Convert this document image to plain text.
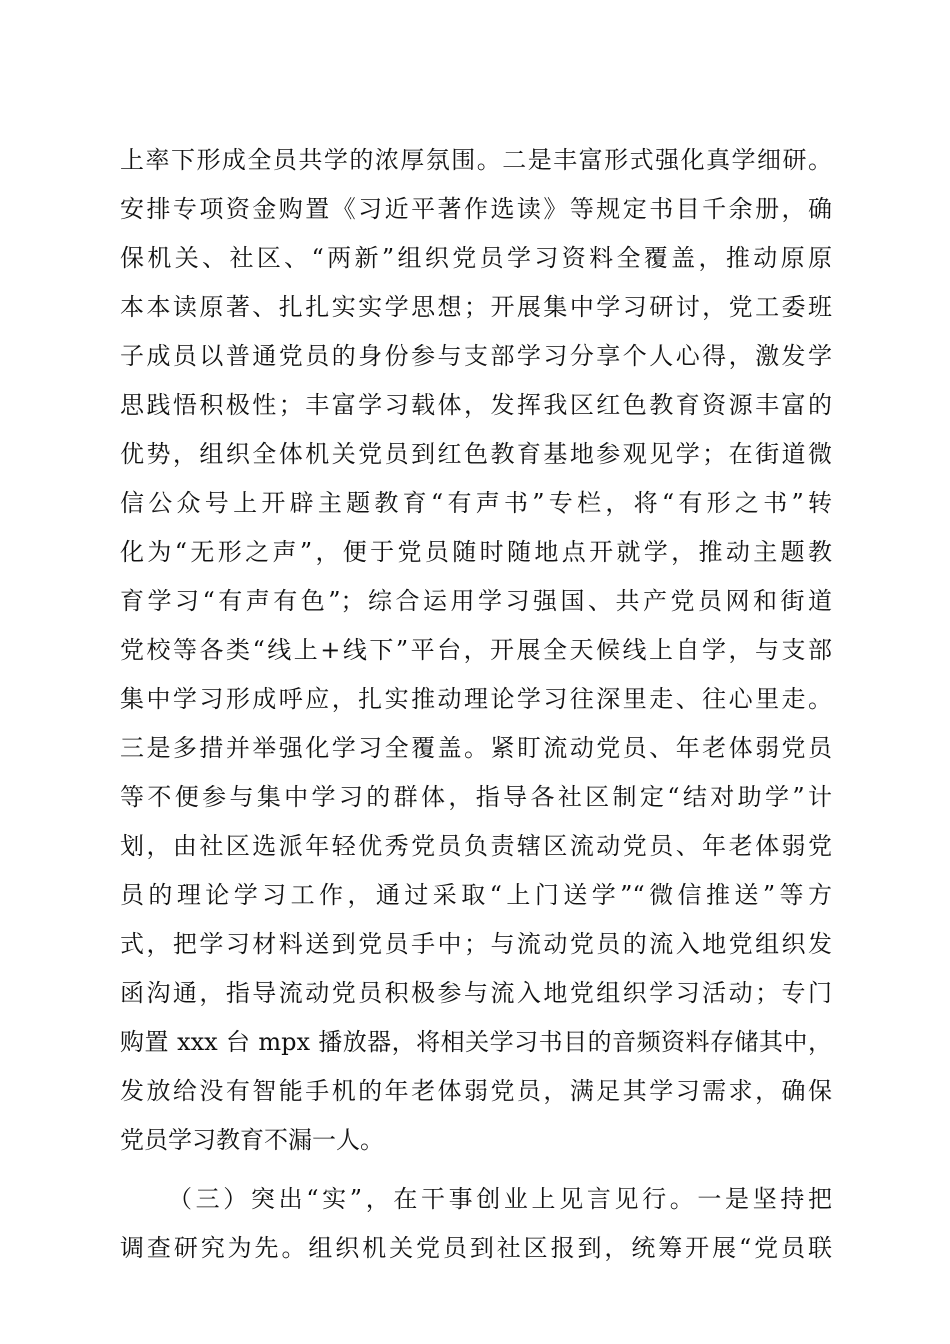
上率下形成全员共学的浓厚氛围。二是丰富形式强化真学细研。
安排专项资金购置《习近平著作选读》等规定书目千余册，确
保机关、社区、“两新”组织党员学习资料全覆盖，推动原原
本本读原著、扎扎实实学思想；开展集中学习研讨，党工委班
子成员以普通党员的身份参与支部学习分享个人心得，激发学
思践悟积极性；丰富学习载体，发挥我区红色教育资源丰富的
优势，组织全体机关党员到红色教育基地参观见学；在街道微
信公众号上开辟主题教育“有声书”专栏，将“有形之书”转
化为“无形之声”，便于党员随时随地点开就学，推动主题教
育学习“有声有色”；综合运用学习强国、共产党员网和街道
党校等各类“线上+线下”平台，开展全天候线上自学，与支部
集中学习形成呼应，扎实推动理论学习往深里走、往心里走。
三是多措并举强化学习全覆盖。紧盯流动党员、年老体弱党员
等不便参与集中学习的群体，指导各社区制定“结对助学”计
划，由社区选派年轻优秀党员负责辖区流动党员、年老体弱党
员的理论学习工作，通过采取“上门送学”“微信推送”等方
式，把学习材料送到党员手中；与流动党员的流入地党组织发
函沟通，指导流动党员积极参与流入地党组织学习活动；专门
购置 xxx 台 mpx 播放器，将相关学习书目的音频资料存储其中，
发放给没有智能手机的年老体弱党员，满足其学习需求，确保
党员学习教育不漏一人。
（三）突出“实”，在干事创业上见言见行。一是坚持把
调查研究为先。组织机关党员到社区报到，统筹开展“党员联
